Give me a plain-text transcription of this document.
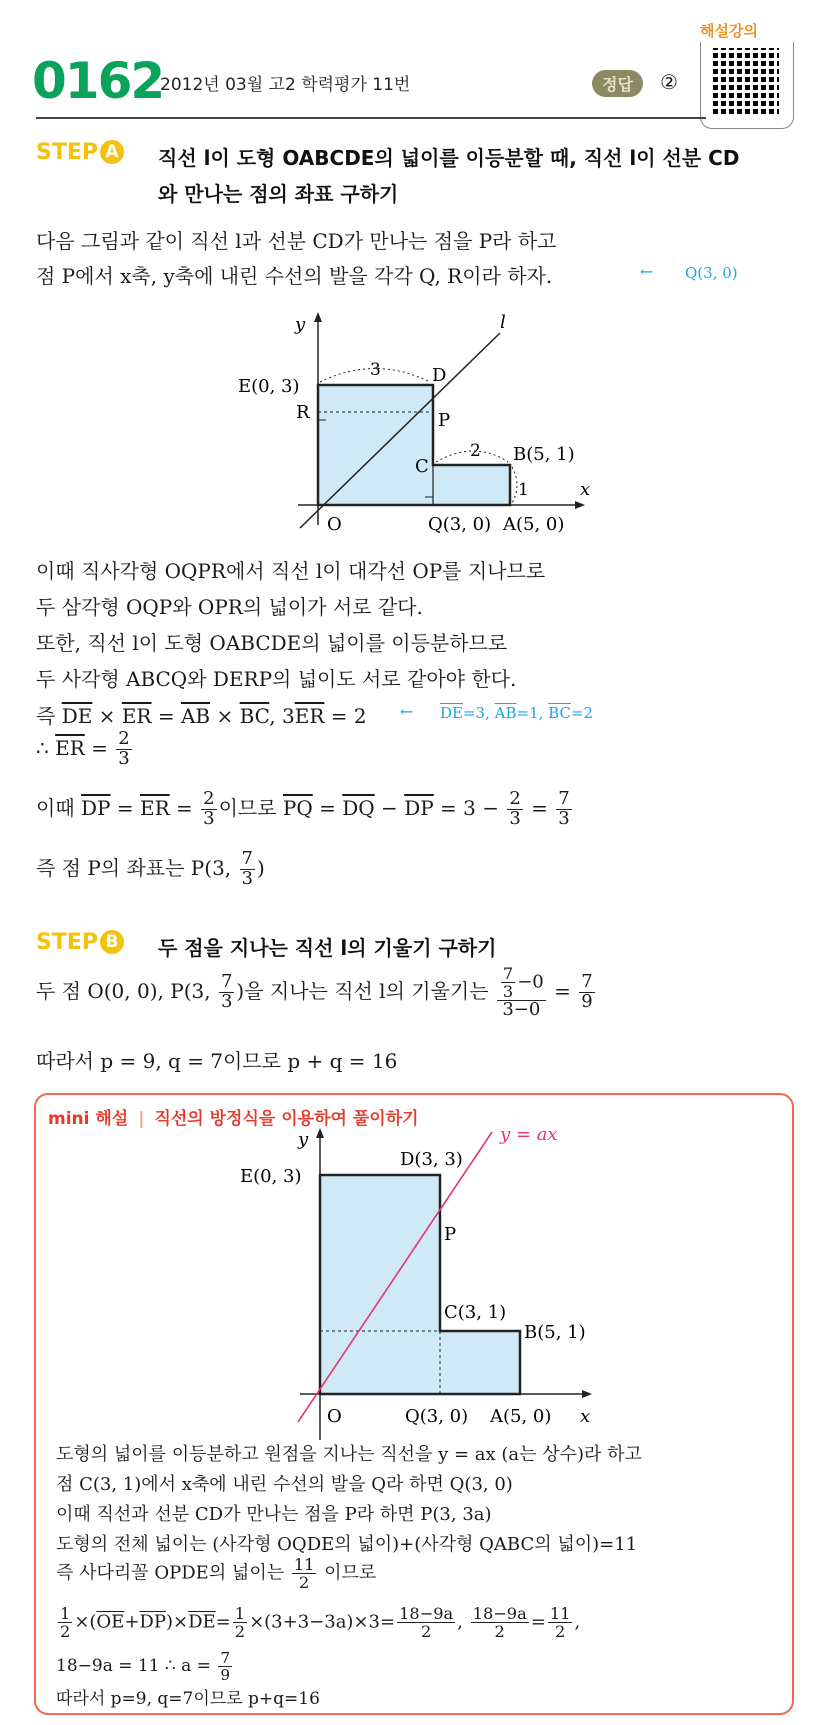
0162
2012년 03월 고2 학력평가 11번	정답	②
해설강의
STEP A 직선 l이 도형 OABCDE의 넓이를 이등분할 때, 직선 l이 선분 CD
와 만나는 점의 좌표 구하기
다음 그림과 같이 직선 l과 선분 CD가 만나는 점을 P라 하고
점 P에서 x축, y축에 내린 수선의 발을 각각 Q, R이라 하자.	← Q(3, 0)
y
x
l
E(0, 3)
3	D
R	P
C
2 B(5, 1)
1
O	Q(3, 0) A(5, 0)
y
x
y = ax
E(0, 3)
D(3, 3)
P
C(3, 1)
B(5, 1)
O	Q(3, 0) A(5, 0)
이때 직사각형 OQPR에서 직선 l이 대각선 OP를 지나므로
두 삼각형 OQP와 OPR의 넓이가 서로 같다.
또한, 직선 l이 도형 OABCDE의 넓이를 이등분하므로
두 사각형 ABCQ와 DERP의 넓이도 서로 같아야 한다.
즉 $\overline{DE} \times \overline{ER} = \overline{AB} \times \overline{BC}$, $3\overline{ER} = 2$ ← $\overline{DE}=3$, $\overline{AB}=1$, $\overline{BC}=2$
∴ $\overline{ER} = \frac{2}{3}$
이때 $\overline{DP} = \overline{ER} = \frac{2}{3}$ 이므로 $\overline{PQ} = \overline{DQ} - \overline{DP} = 3 - \frac{2}{3} = \frac{7}{3}$
즉 점 P의 좌표는 P(3, $\frac{7}{3}$ )
STEP B 두 점을 지나는 직선 l의 기울기 구하기
두 점 O(0, 0), P(3, $\frac{7}{3}$ )을 지나는 직선 l의 기울기는 $\frac{\frac{7}{3} -0}{3-0} = \frac{7}{9}$
따라서 p = 9, q = 7이므로 p + q = 16
mini 해설 | 직선의 방정식을 이용하여 풀이하기
도형의 넓이를 이등분하고 원점을 지나는 직선을 y = ax (a는 상수)라 하고
점 C(3, 1)에서 x축에 내린 수선의 발을 Q라 하면 Q(3, 0)
이때 직선과 선분 CD가 만나는 점을 P라 하면 P(3, 3a)
도형의 전체 넓이는 (사각형 OQDE의 넓이)+(사각형 QABC의 넓이)=11
즉 사다리꼴 OPDE의 넓이는 $\frac{11}{2}$ 이므로
$\frac{1}{2} \times(\overline{OE}+\overline{DP})\times\overline{DE}= \frac{1}{2} \times(3+3-3a)\times 3= \frac{18-9a}{2}$ , $\frac{18-9a}{2} = \frac{11}{2}$ ,
18−9a = 11 ∴ $a = \frac{7}{9}$
따라서 p=9, q=7이므로 p+q=16
